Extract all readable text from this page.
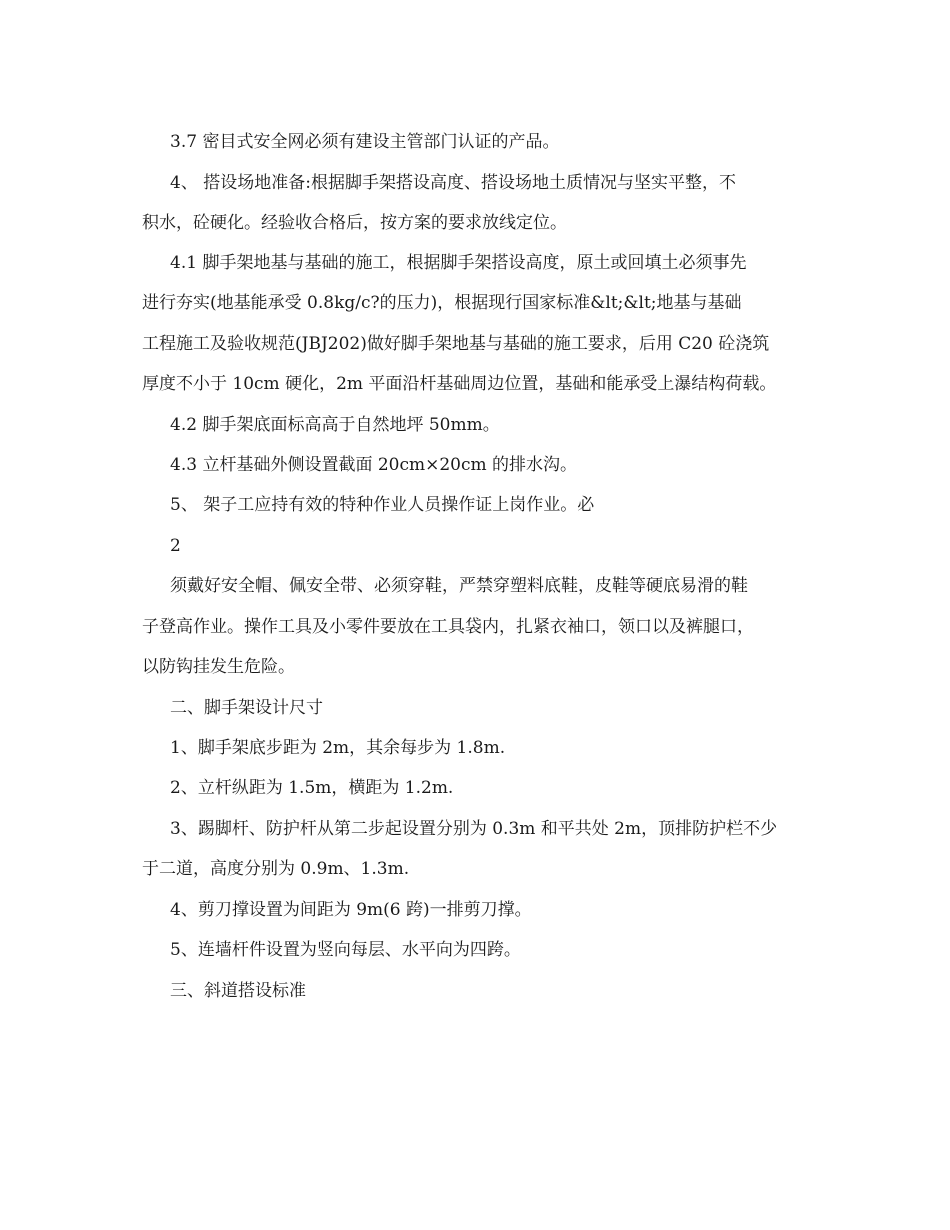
3.7 密目式安全网必须有建设主管部门认证的产品。
4、 搭设场地准备:根据脚手架搭设高度、搭设场地土质情况与坚实平整，不
积水，砼硬化。经验收合格后，按方案的要求放线定位。
4.1 脚手架地基与基础的施工，根据脚手架搭设高度，原土或回填土必须事先
进行夯实(地基能承受 0.8kg/c?的压力)，根据现行国家标准&lt;&lt;地基与基础
工程施工及验收规范(JBJ202)做好脚手架地基与基础的施工要求，后用 C20 砼浇筑
厚度不小于 10cm 硬化，2m 平面沿杆基础周边位置，基础和能承受上瀑结构荷载。
4.2 脚手架底面标高高于自然地坪 50mm。
4.3 立杆基础外侧设置截面 20cm×20cm 的排水沟。
5、 架子工应持有效的特种作业人员操作证上岗作业。必
2
须戴好安全帽、佩安全带、必须穿鞋，严禁穿塑料底鞋，皮鞋等硬底易滑的鞋
子登高作业。操作工具及小零件要放在工具袋内，扎紧衣袖口，领口以及裤腿口，
以防钩挂发生危险。
二、脚手架设计尺寸
1、脚手架底步距为 2m，其余每步为 1.8m.
2、立杆纵距为 1.5m，横距为 1.2m.
3、踢脚杆、防护杆从第二步起设置分别为 0.3m 和平共处 2m，顶排防护栏不少
于二道，高度分别为 0.9m、1.3m.
4、剪刀撑设置为间距为 9m(6 跨)一排剪刀撑。
5、连墙杆件设置为竖向每层、水平向为四跨。
三、斜道搭设标准
